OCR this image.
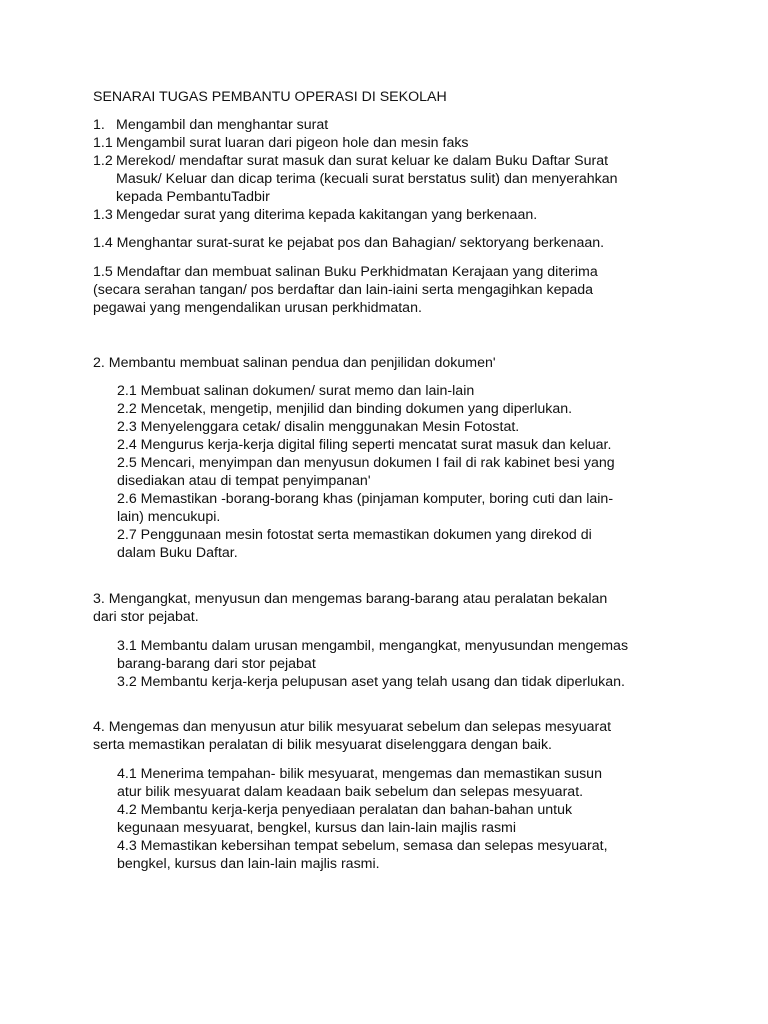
SENARAI TUGAS PEMBANTU OPERASI DI SEKOLAH
1. Mengambil dan menghantar surat
1.1 Mengambil surat luaran dari pigeon hole dan mesin faks
1.2 Merekod/ mendaftar surat masuk dan surat keluar ke dalam Buku Daftar Surat
Masuk/ Keluar dan dicap terima (kecuali surat berstatus sulit) dan menyerahkan
kepada PembantuTadbir
1.3 Mengedar surat yang diterima kepada kakitangan yang berkenaan.
1.4 Menghantar surat-surat ke pejabat pos dan Bahagian/ sektoryang berkenaan.
1.5 Mendaftar dan membuat salinan Buku Perkhidmatan Kerajaan yang diterima
(secara serahan tangan/ pos berdaftar dan lain-iaini serta mengagihkan kepada
pegawai yang mengendalikan urusan perkhidmatan.
2. Membantu membuat salinan pendua dan penjilidan dokumen'
2.1 Membuat salinan dokumen/ surat memo dan lain-lain
2.2 Mencetak, mengetip, menjilid dan binding dokumen yang diperlukan.
2.3 Menyelenggara cetak/ disalin menggunakan Mesin Fotostat.
2.4 Mengurus kerja-kerja digital filing seperti mencatat surat masuk dan keluar.
2.5 Mencari, menyimpan dan menyusun dokumen I fail di rak kabinet besi yang
disediakan atau di tempat penyimpanan'
2.6 Memastikan -borang-borang khas (pinjaman komputer, boring cuti dan lain-
lain) mencukupi.
2.7 Penggunaan mesin fotostat serta memastikan dokumen yang direkod di
dalam Buku Daftar.
3. Mengangkat, menyusun dan mengemas barang-barang atau peralatan bekalan
dari stor pejabat.
3.1 Membantu dalam urusan mengambil, mengangkat, menyusundan mengemas
barang-barang dari stor pejabat
3.2 Membantu kerja-kerja pelupusan aset yang telah usang dan tidak diperlukan.
4. Mengemas dan menyusun atur bilik mesyuarat sebelum dan selepas mesyuarat
serta memastikan peralatan di bilik mesyuarat diselenggara dengan baik.
4.1 Menerima tempahan- bilik mesyuarat, mengemas dan memastikan susun
atur bilik mesyuarat dalam keadaan baik sebelum dan selepas mesyuarat.
4.2 Membantu kerja-kerja penyediaan peralatan dan bahan-bahan untuk
kegunaan mesyuarat, bengkel, kursus dan lain-lain majlis rasmi
4.3 Memastikan kebersihan tempat sebelum, semasa dan selepas mesyuarat,
bengkel, kursus dan lain-lain majlis rasmi.
